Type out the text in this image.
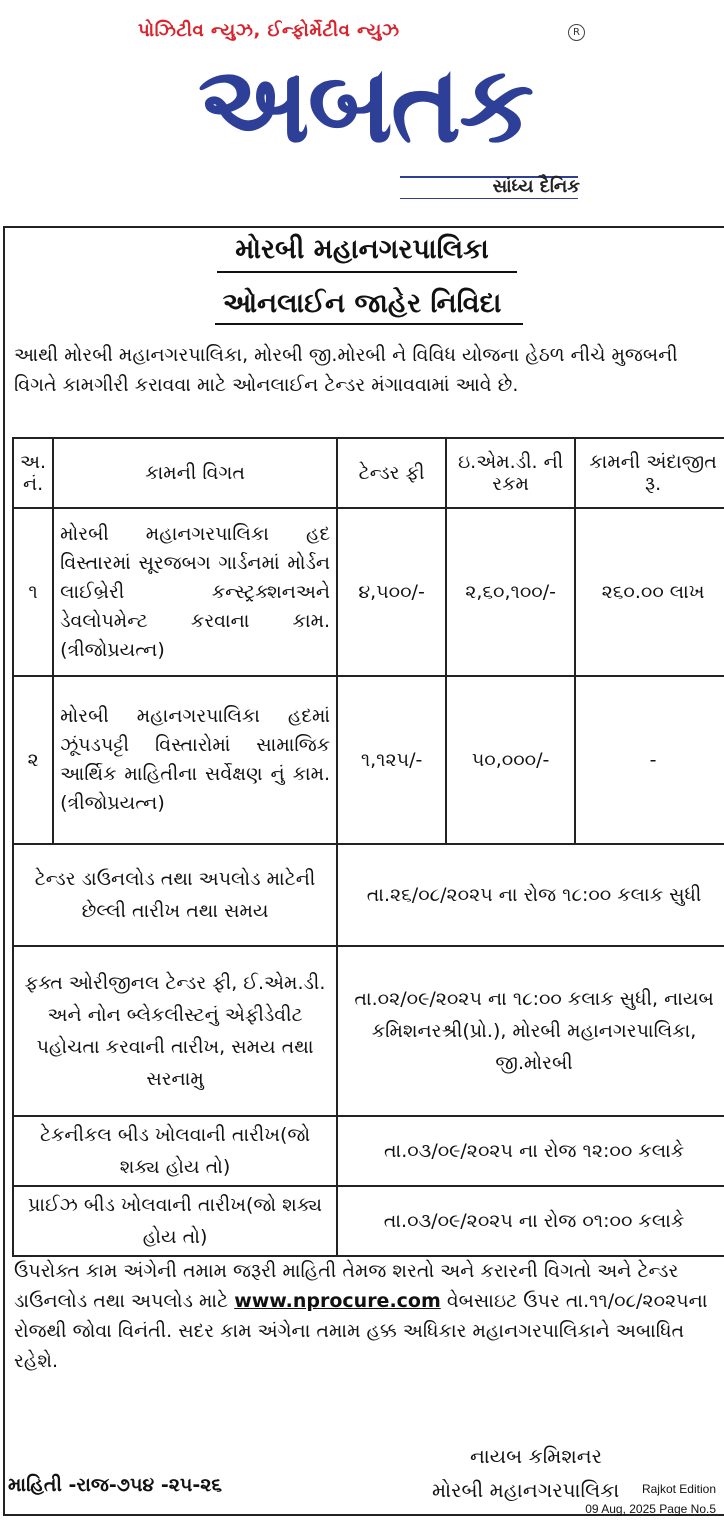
પોઝિટીવ ન્યુઝ, ઈન્ફોર્મેટીવ ન્યુઝ	R
અબતક
સાંધ્ય દૈનિક
મોરબી મહાનગરપાલિકા
ઓનલાઈન જાહેર નિવિદા
આથી મોરબી મહાનગરપાલિકા, મોરબી જી.મોરબી ને વિવિધ યોજના હેઠળ નીચે મુજબની વિગતે કામગીરી કરાવવા માટે ઓનલાઈન ટેન્ડર મંગાવવામાં આવે છે.
અ. નં.	કામની વિગત	ટેન્ડર ફી	ઇ.એમ.ડી. ની રકમ	કામની અંદાજીત રૂ.
૧	મોરબી મહાનગરપાલિકા હદ વિસ્તારમાં સૂરજબગ ગાર્ડનમાં મોર્ડન લાઈબ્રેરી કન્સ્ટ્રક્શનઅને ડેવલોપમેન્ટ કરવાના કામ.(ત્રીજોપ્રયત્ન)	૪,૫૦૦/-	૨,૬૦,૧૦૦/-	૨૬૦.૦૦ લાખ
૨	મોરબી મહાનગરપાલિકા હદમાં ઝૂંપડપટ્ટી વિસ્તારોમાં સામાજિક આર્થિક માહિતીના સર્વેક્ષણ નું કામ. (ત્રીજોપ્રયત્ન)	૧,૧૨૫/-	૫૦,૦૦૦/-	-
ટેન્ડર ડાઉનલોડ તથા અપલોડ માટેની છેલ્લી તારીખ તથા સમય		તા.૨૬/૦૮/૨૦૨૫ ના રોજ ૧૮:૦૦ કલાક સુધી		
ફક્ત ઓરીજીનલ ટેન્ડર ફી, ઈ.એમ.ડી. અને નોન બ્લેકલીસ્ટનું એફીડેવીટ પહોચતા કરવાની તારીખ, સમય તથા સરનામુ		તા.૦૨/૦૯/૨૦૨૫ ના ૧૮:૦૦ કલાક સુધી, નાયબ કમિશનરશ્રી(પ્રો.), મોરબી મહાનગરપાલિકા, જી.મોરબી		
ટેકનીકલ બીડ ખોલવાની તારીખ(જો શક્ય હોય તો)		તા.૦૩/૦૯/૨૦૨૫ ના રોજ ૧૨:૦૦ કલાકે		
પ્રાઈઝ બીડ ખોલવાની તારીખ(જો શક્ય હોય તો)		તા.૦૩/૦૯/૨૦૨૫ ના રોજ ૦૧:૦૦ કલાકે		
ઉપરોક્ત કામ અંગેની તમામ જરૂરી માહિતી તેમજ શરતો અને કરારની વિગતો અને ટેન્ડર ડાઉનલોડ તથા અપલોડ માટે www.nprocure.com વેબસાઇટ ઉપર તા.૧૧/૦૮/૨૦૨૫ના રોજથી જોવા વિનંતી. સદર કામ અંગેના તમામ હક્ક અધિકાર મહાનગરપાલિકાને અબાધિત રહેશે.
નાયબ કમિશનર
માહિતી -રાજ-૭૫૪ -૨૫-૨૬	મોરબી મહાનગરપાલિકા Rajkot Edition
09 Aug, 2025 Page No.5
